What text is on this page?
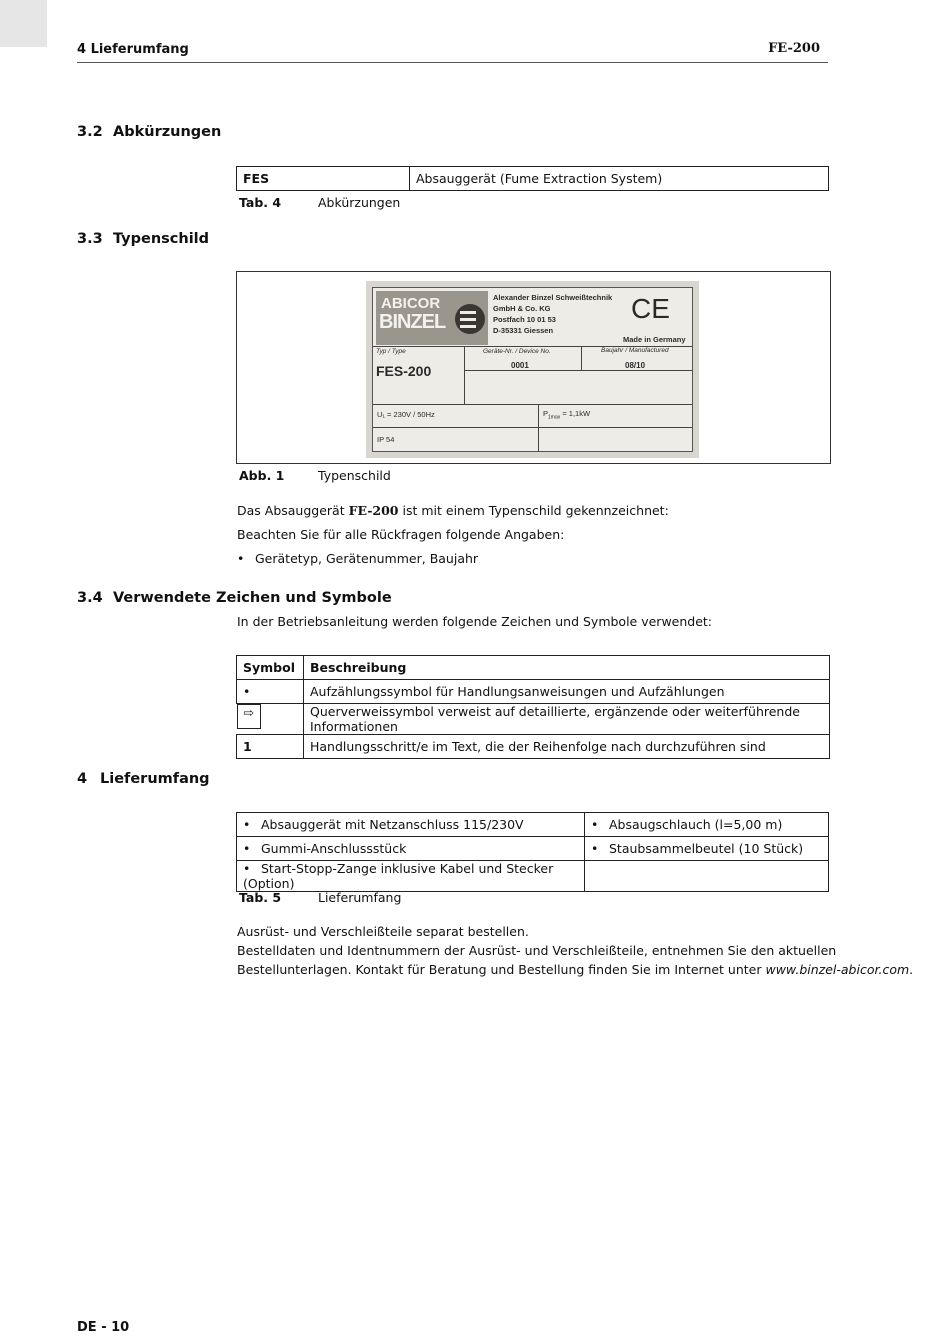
4 Lieferumfang	FE-200
3.2 Abkürzungen
FES	Absauggerät (Fume Extraction System)
Tab. 4	Abkürzungen
3.3 Typenschild
ABICOR
BINZEL
Alexander Binzel Schweißtechnik
GmbH & Co. KG
Postfach 10 01 53
D-35331 Giessen
CE
Made in Germany
Typ / Type
FES-200
Geräte-Nr. / Device No.
0001
Baujahr / Manufactured
08/10
U₁ = 230V / 50Hz	$P_{1max} = 1,1kW$
IP 54
Abb. 1	Typenschild
Das Absauggerät FE-200 ist mit einem Typenschild gekennzeichnet:
Beachten Sie für alle Rückfragen folgende Angaben:
• Gerätetyp, Gerätenummer, Baujahr
3.4 Verwendete Zeichen und Symbole
In der Betriebsanleitung werden folgende Zeichen und Symbole verwendet:
Symbol	Beschreibung
•	Aufzählungssymbol für Handlungsanweisungen und Aufzählungen
⇨	Querverweissymbol verweist auf detaillierte, ergänzende oder weiterführende Informationen
1	Handlungsschritt/e im Text, die der Reihenfolge nach durchzuführen sind
4 Lieferumfang
• Absauggerät mit Netzanschluss 115/230V	• Absaugschlauch (l=5,00 m)
• Gummi-Anschlussstück	• Staubsammelbeutel (10 Stück)
• Start-Stopp-Zange inklusive Kabel und Stecker (Option)	
Tab. 5	Lieferumfang
Ausrüst- und Verschleißteile separat bestellen.
Bestelldaten und Identnummern der Ausrüst- und Verschleißteile, entnehmen Sie den aktuellen
Bestellunterlagen. Kontakt für Beratung und Bestellung finden Sie im Internet unter www.binzel-abicor.com.
DE - 10
